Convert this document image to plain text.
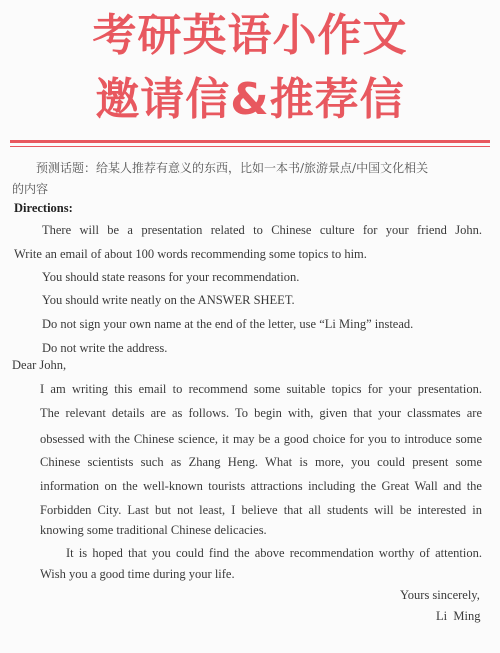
考研英语小作文
邀请信&推荐信
预测话题：给某人推荐有意义的东西，比如一本书/旅游景点/中国文化相关
的内容
Directions:
There will be a presentation related to Chinese culture for your friend John.
Write an email of about 100 words recommending some topics to him.
You should state reasons for your recommendation.
You should write neatly on the ANSWER SHEET.
Do not sign your own name at the end of the letter, use “Li Ming” instead.
Do not write the address.
Dear John,
I am writing this email to recommend some suitable topics for your presentation.
The relevant details are as follows. To begin with, given that your classmates are
obsessed with the Chinese science, it may be a good choice for you to introduce some
Chinese scientists such as Zhang Heng. What is more, you could present some
information on the well-known tourists attractions including the Great Wall and the
Forbidden City. Last but not least, I believe that all students will be interested in
knowing some traditional Chinese delicacies.
It is hoped that you could find the above recommendation worthy of attention.
Wish you a good time during your life.
Yours sincerely,
Li  Ming
